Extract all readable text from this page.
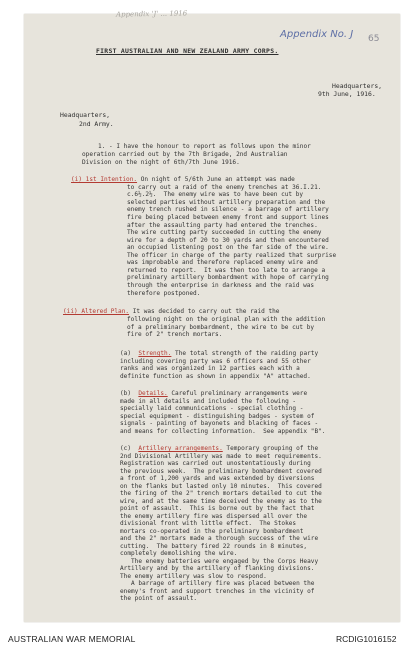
Appendix 'J' ... 1916
Appendix No. J 65
FIRST AUSTRALIAN AND NEW ZEALAND ARMY CORPS.
Headquarters,
9th June, 1916.
Headquarters,
2nd Army.
1. - I have the honour to report as follows upon the minor
operation carried out by the 7th Brigade, 2nd Australian
Division on the night of 6th/7th June 1916.
(i) 1st Intention. On night of 5/6th June an attempt was made
to carry out a raid of the enemy trenches at 36.I.21.
c.6½.2½.  The enemy wire was to have been cut by
selected parties without artillery preparation and the
enemy trench rushed in silence - a barrage of artillery
fire being placed between enemy front and support lines
after the assaulting party had entered the trenches.
The wire cutting party succeeded in cutting the enemy
wire for a depth of 20 to 30 yards and then encountered
an occupied listening post on the far side of the wire.
The officer in charge of the party realized that surprise
was improbable and therefore replaced enemy wire and
returned to report.  It was then too late to arrange a
preliminary artillery bombardment with hope of carrying
through the enterprise in darkness and the raid was
therefore postponed.
(ii) Altered Plan. It was decided to carry out the raid the
following night on the original plan with the addition
of a preliminary bombardment, the wire to be cut by
fire of 2" trench mortars.
(a) Strength. The total strength of the raiding party
including covering party was 6 officers and 55 other
ranks and was organized in 12 parties each with a
definite function as shown in appendix "A" attached.
(b) Details. Careful preliminary arrangements were
made in all details and included the following -
specially laid communications - special clothing -
special equipment - distinguishing badges - system of
signals - painting of bayonets and blacking of faces -
and means for collecting information.  See appendix "B".
(c) Artillery arrangements. Temporary grouping of the
2nd Divisional Artillery was made to meet requirements.
Registration was carried out unostentatiously during
the previous week.  The preliminary bombardment covered
a front of 1,200 yards and was extended by diversions
on the flanks but lasted only 10 minutes.  This covered
the firing of the 2" trench mortars detailed to cut the
wire, and at the same time deceived the enemy as to the
point of assault.  This is borne out by the fact that
the enemy artillery fire was dispersed all over the
divisional front with little effect.  The Stokes
mortars co-operated in the preliminary bombardment
and the 2" mortars made a thorough success of the wire
cutting.  The battery fired 22 rounds in 8 minutes,
completely demolishing the wire.
The enemy batteries were engaged by the Corps Heavy
Artillery and by the artillery of flanking divisions.
The enemy artillery was slow to respond.
A barrage of artillery fire was placed between the
enemy's front and support trenches in the vicinity of
the point of assault.
AUSTRALIAN WAR MEMORIAL	RCDIG1016152
